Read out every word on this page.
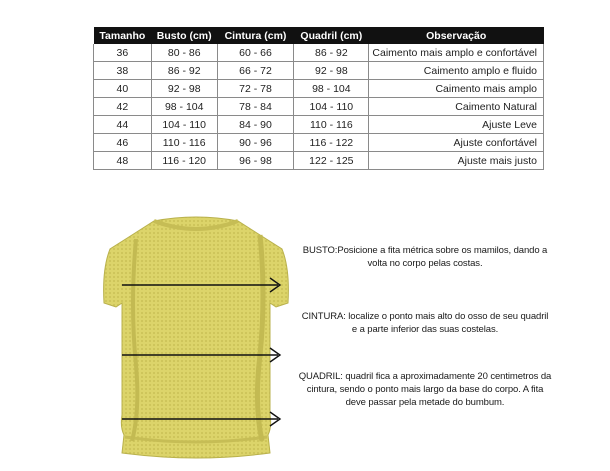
Tamanho	Busto (cm)	Cintura (cm)	Quadril (cm)	Observação
36	80 - 86	60 - 66	86 - 92	Caimento mais amplo e confortável
38	86 - 92	66 - 72	92 - 98	Caimento amplo e fluido
40	92 - 98	72 - 78	98 - 104	Caimento mais amplo
42	98 - 104	78 - 84	104 - 110	Caimento Natural
44	104 - 110	84 - 90	110 - 116	Ajuste Leve
46	110 - 116	90 - 96	116 - 122	Ajuste confortável
48	116 - 120	96 - 98	122 - 125	Ajuste mais justo
BUSTO:Posicione a fita métrica sobre os mamilos, dando a volta no corpo pelas costas.
CINTURA: localize o ponto mais alto do osso de seu quadril e a parte inferior das suas costelas.
QUADRIL: quadril fica a aproximadamente 20 centimetros da cintura, sendo o ponto mais largo da base do corpo. A fita deve passar pela metade do bumbum.
